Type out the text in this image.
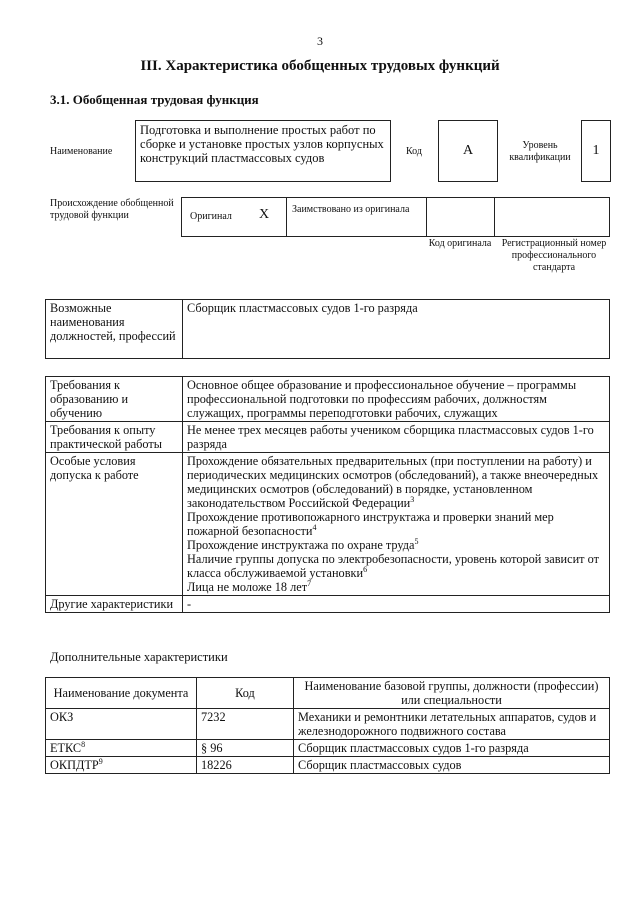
3
III. Характеристика обобщенных трудовых функций
3.1. Обобщенная трудовая функция
Наименование
Подготовка и выполнение простых работ по сборке и установке простых узлов корпусных конструкций пластмассовых судов	Код	А	Уровень квалификации	1
Происхождение обобщенной трудовой функции	Оригинал X Заимствовано из оригинала
Код оригинала	Регистрационный номер профессионального стандарта
Возможные наименования должностей, профессий	Сборщик пластмассовых судов 1-го разряда
Требования к образованию и обучению	Основное общее образование и профессиональное обучение – программы профессиональной подготовки по профессиям рабочих, должностям служащих, программы переподготовки рабочих, служащих
Требования к опыту практической работы	Не менее трех месяцев работы учеником сборщика пластмассовых судов 1-го разряда
Особые условия допуска к работе	Прохождение обязательных предварительных (при поступлении на работу) и периодических медицинских осмотров (обследований), а также внеочередных медицинских осмотров (обследований) в порядке, установленном законодательством Российской Федерации$^3$
Прохождение противопожарного инструктажа и проверки знаний мер пожарной безопасности$^4$
Прохождение инструктажа по охране труда$^5$
Наличие группы допуска по электробезопасности, уровень которой зависит от класса обслуживаемой установки$^6$
Лица не моложе 18 лет$^7$

Другие характеристики	-
Дополнительные характеристики
Наименование документа	Код	Наименование базовой группы, должности (профессии) или специальности
ОКЗ	7232	Механики и ремонтники летательных аппаратов, судов и железнодорожного подвижного состава
ЕТКС$^8$	§ 96	Сборщик пластмассовых судов 1-го разряда
ОКПДТР$^9$	18226	Сборщик пластмассовых судов
